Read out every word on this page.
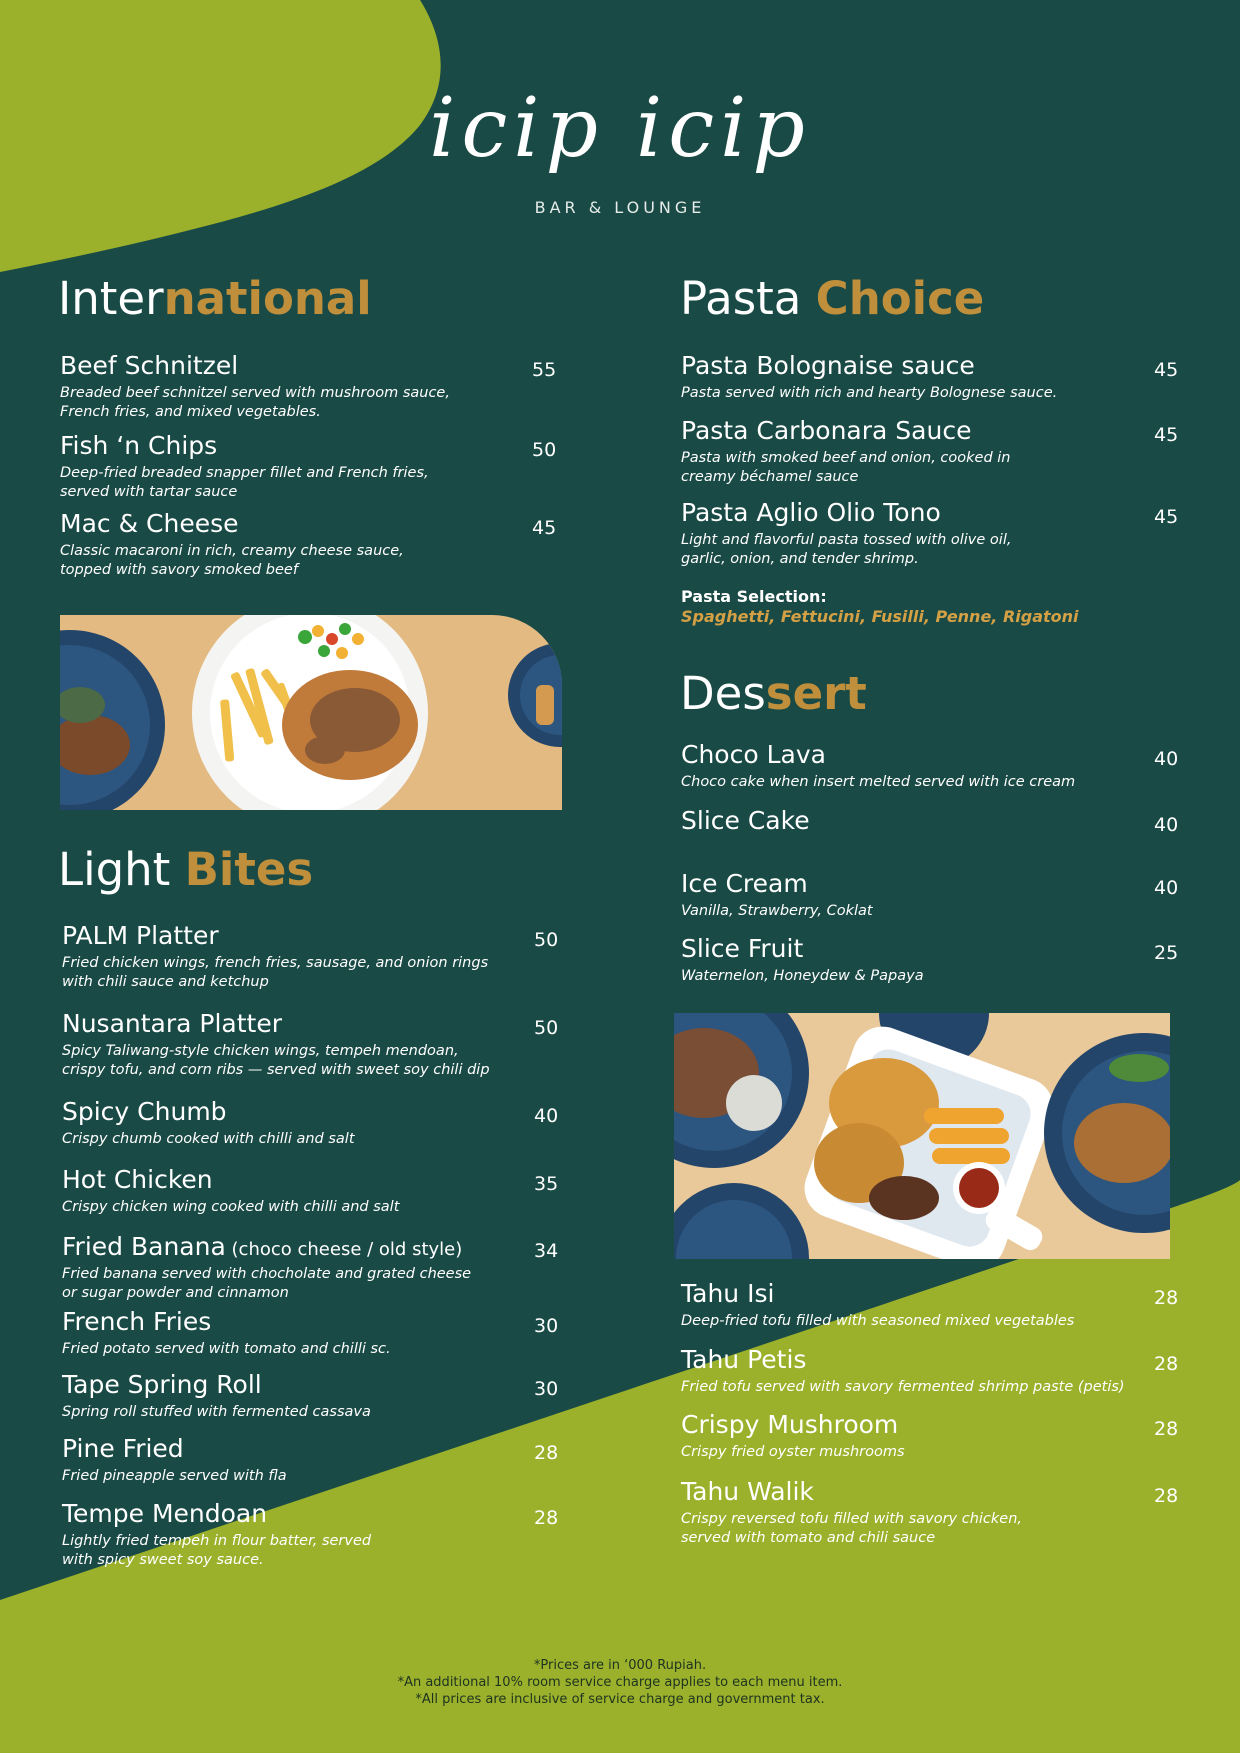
icip icip
BAR & LOUNGE
International
Beef Schnitzel
Breaded beef schnitzel served with mushroom sauce,
French fries, and mixed vegetables.
55
Fish ‘n Chips
Deep-fried breaded snapper fillet and French fries,
served with tartar sauce
50
Mac & Cheese
Classic macaroni in rich, creamy cheese sauce,
topped with savory smoked beef
45
Light Bites
PALM Platter
Fried chicken wings, french fries, sausage, and onion rings
with chili sauce and ketchup
50
Nusantara Platter
Spicy Taliwang-style chicken wings, tempeh mendoan,
crispy tofu, and corn ribs — served with sweet soy chili dip
50
Spicy Chumb
Crispy chumb cooked with chilli and salt
40
Hot Chicken
Crispy chicken wing cooked with chilli and salt
35
Fried Banana (choco cheese / old style)
Fried banana served with chocholate and grated cheese
or sugar powder and cinnamon
34
French Fries
Fried potato served with tomato and chilli sc.
30
Tape Spring Roll
Spring roll stuffed with fermented cassava
30
Pine Fried
Fried pineapple served with fla
28
Tempe Mendoan
Lightly fried tempeh in flour batter, served
with spicy sweet soy sauce.
28
Pasta Choice
Pasta Bolognaise sauce
Pasta served with rich and hearty Bolognese sauce.
45
Pasta Carbonara Sauce
Pasta with smoked beef and onion, cooked in
creamy béchamel sauce
45
Pasta Aglio Olio Tono
Light and flavorful pasta tossed with olive oil,
garlic, onion, and tender shrimp.
45
Pasta Selection:
Spaghetti, Fettucini, Fusilli, Penne, Rigatoni
Dessert
Choco Lava
Choco cake when insert melted served with ice cream
40
Slice Cake	40
Ice Cream
Vanilla, Strawberry, Coklat
40
Slice Fruit
Waternelon, Honeydew & Papaya
25
Tahu Isi
Deep-fried tofu filled with seasoned mixed vegetables
28
Tahu Petis
Fried tofu served with savory fermented shrimp paste (petis)
28
Crispy Mushroom
Crispy fried oyster mushrooms
28
Tahu Walik
Crispy reversed tofu filled with savory chicken,
served with tomato and chili sauce
28
*Prices are in ‘000 Rupiah.
*An additional 10% room service charge applies to each menu item.
*All prices are inclusive of service charge and government tax.
